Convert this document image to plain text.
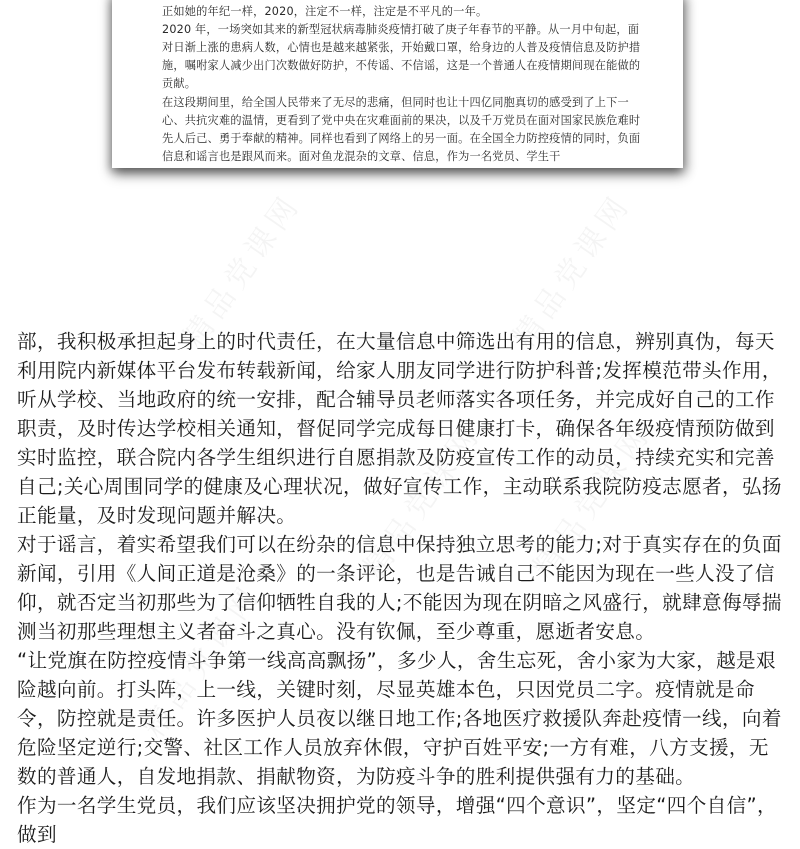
正如她的年纪一样，2020，注定不一样，注定是不平凡的一年。

2020 年，一场突如其来的新型冠状病毒肺炎疫情打破了庚子年春节的平静。从一月中旬起，面对日渐上涨的患病人数，心情也是越来越紧张，开始戴口罩，给身边的人普及疫情信息及防护措施，嘱咐家人减少出门次数做好防护，不传谣、不信谣，这是一个普通人在疫情期间现在能做的贡献。

在这段期间里，给全国人民带来了无尽的悲痛，但同时也让十四亿同胞真切的感受到了上下一心、共抗灾难的温情，更看到了党中央在灾难面前的果决，以及千万党员在面对国家民族危难时先人后己、勇于奉献的精神。同样也看到了网络上的另一面。在全国全力防控疫情的同时，负面信息和谣言也是跟风而来。面对鱼龙混杂的文章、信息，作为一名党员、学生干

部，我积极承担起身上的时代责任，在大量信息中筛选出有用的信息，辨别真伪，每天利用院内新媒体平台发布转载新闻，给家人朋友同学进行防护科普;发挥模范带头作用，听从学校、当地政府的统一安排，配合辅导员老师落实各项任务，并完成好自己的工作职责，及时传达学校相关通知，督促同学完成每日健康打卡，确保各年级疫情预防做到实时监控，联合院内各学生组织进行自愿捐款及防疫宣传工作的动员，持续充实和完善自己;关心周围同学的健康及心理状况，做好宣传工作，主动联系我院防疫志愿者，弘扬正能量，及时发现问题并解决。

对于谣言，着实希望我们可以在纷杂的信息中保持独立思考的能力;对于真实存在的负面新闻，引用《人间正道是沧桑》的一条评论，也是告诫自己不能因为现在一些人没了信仰，就否定当初那些为了信仰牺牲自我的人;不能因为现在阴暗之风盛行，就肆意侮辱揣测当初那些理想主义者奋斗之真心。没有钦佩，至少尊重，愿逝者安息。

“让党旗在防控疫情斗争第一线高高飘扬”，多少人，舍生忘死，舍小家为大家，越是艰险越向前。打头阵，上一线，关键时刻，尽显英雄本色，只因党员二字。疫情就是命令，防控就是责任。许多医护人员夜以继日地工作;各地医疗救援队奔赴疫情一线，向着危险坚定逆行;交警、社区工作人员放弃休假，守护百姓平安;一方有难，八方支援，无数的普通人，自发地捐款、捐献物资，为防疫斗争的胜利提供强有力的基础。

作为一名学生党员，我们应该坚决拥护党的领导，增强“四个意识”，坚定“四个自信”，做到
